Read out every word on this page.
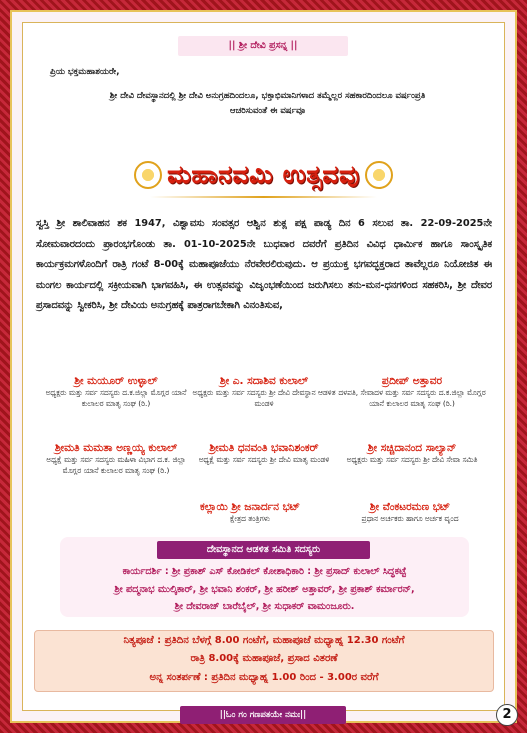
|| ಶ್ರೀ ದೇವಿ ಪ್ರಸನ್ನ ||
ಪ್ರಿಯ ಭಕ್ತಮಹಾಶಯರೇ,
ಶ್ರೀ ದೇವಿ ದೇವಸ್ಥಾನದಲ್ಲಿ ಶ್ರೀ ದೇವಿ ಅನುಗ್ರಹದಿಂದಲೂ, ಭಕ್ತಾಭಿಮಾನಿಗಳಾದ ತಮ್ಮೆಲ್ಲರ ಸಹಕಾರದಿಂದಲೂ ವರ್ಷಂಪ್ರತಿ ಆಚರಿಸುವಂತೆ ಈ ವರ್ಷವೂ
ಮಹಾನವಮಿ ಉತ್ಸವವು
ಸ್ವಸ್ತಿ ಶ್ರೀ ಶಾಲಿವಾಹನ ಶಕ 1947, ವಿಶ್ವಾವಸು ಸಂವತ್ಸರ ಆಶ್ವಿನ ಶುಕ್ಲ ಪಕ್ಷ ಪಾಡ್ಯ ದಿನ 6 ಸಲುವ ತಾ. 22-09-2025ನೇ ಸೋಮವಾರದಂದು ಪ್ರಾರಂಭಗೊಂಡು ತಾ. 01-10-2025ನೇ ಬುಧವಾರ ದವರೆಗೆ ಪ್ರತಿದಿನ ವಿವಿಧ ಧಾರ್ಮಿಕ ಹಾಗೂ ಸಾಂಸ್ಕೃತಿಕ ಕಾರ್ಯಕ್ರಮಗಳೊಂದಿಗೆ ರಾತ್ರಿ ಗಂಟೆ 8-00ಕ್ಕೆ ಮಹಾಪೂಜೆಯು ನೆರವೇರಲಿರುವುದು. ಆ ಪ್ರಯುಕ್ತ ಭಗವದ್ಭಕ್ತರಾದ ತಾವೆಲ್ಲರೂ ನಿಯೋಜಿತ ಈ ಮಂಗಲ ಕಾರ್ಯದಲ್ಲಿ ಸಕ್ರೀಯವಾಗಿ ಭಾಗವಹಿಸಿ, ಈ ಉತ್ಸವವನ್ನು ವಿಜೃಂಭಣೆಯಿಂದ ಜರುಗಿಸಲು ತನು-ಮನ-ಧನಗಳಿಂದ ಸಹಕರಿಸಿ, ಶ್ರೀ ದೇವರ ಪ್ರಸಾದವನ್ನು ಸ್ವೀಕರಿಸಿ, ಶ್ರೀ ದೇವಿಯ ಅನುಗ್ರಹಕ್ಕೆ ಪಾತ್ರರಾಗಬೇಕಾಗಿ ವಿನಂತಿಸುವ,
ಶ್ರೀ ಮಯೂರ್ ಉಳ್ಳಾಲ್
ಅಧ್ಯಕ್ಷರು ಮತ್ತು ಸರ್ವ ಸದಸ್ಯರು ದ.ಕ.ಜಿಲ್ಲಾ ಮೊಗ್ಲರ ಯಾನೆ ಕುಲಾಲರ ಮಾತೃ ಸಂಘ (ರಿ.)
ಶ್ರೀ ಎ. ಸದಾಶಿವ ಕುಲಾಲ್
ಅಧ್ಯಕ್ಷರು ಮತ್ತು ಸರ್ವ ಸದಸ್ಯರು ಶ್ರೀ ದೇವಿ ದೇವಸ್ಥಾನ ಆಡಳಿತ ಮಂಡಳಿ
ಪ್ರದೀಪ್ ಅತ್ತಾವರ
ದಳಪತಿ, ಸೇವಾದಳ ಮತ್ತು ಸರ್ವ ಸದಸ್ಯರು ದ.ಕ.ಜಿಲ್ಲಾ ಮೊಗ್ಲರ ಯಾನೆ ಕುಲಾಲರ ಮಾತೃ ಸಂಘ (ರಿ.)
ಶ್ರೀಮತಿ ಮಮತಾ ಅಣ್ಣಯ್ಯ ಕುಲಾಲ್
ಅಧ್ಯಕ್ಷೆ ಮತ್ತು ಸರ್ವ ಸದಸ್ಯರು ಮಹಿಳಾ ವಿಭಾಗ ದ.ಕ. ಜಿಲ್ಲಾ ಮೊಗ್ಲರ ಯಾನೆ ಕುಲಾಲರ ಮಾತೃ ಸಂಘ (ರಿ.)
ಶ್ರೀಮತಿ ಧನವಂತಿ ಭವಾನಿಶಂಕರ್
ಅಧ್ಯಕ್ಷೆ ಮತ್ತು ಸರ್ವ ಸದಸ್ಯರು ಶ್ರೀ ದೇವಿ ಮಾತೃ ಮಂಡಳಿ
ಶ್ರೀ ಸಚ್ಚಿದಾನಂದ ಸಾಲ್ಯಾನ್
ಅಧ್ಯಕ್ಷರು ಮತ್ತು ಸರ್ವ ಸದಸ್ಯರು ಶ್ರೀ ದೇವಿ ಸೇವಾ ಸಮಿತಿ
ಕಲ್ಲಾಯಿ ಶ್ರೀ ಜನಾರ್ದನ ಭಟ್
ಕ್ಷೇತ್ರದ ತಂತ್ರಿಗಳು
ಶ್ರೀ ವೆಂಕಟರಮಣ ಭಟ್
ಪ್ರಧಾನ ಅರ್ಚಕರು ಹಾಗೂ ಅರ್ಚಕ ವೃಂದ
ದೇವಸ್ಥಾನದ ಆಡಳಿತ ಸಮಿತಿ ಸದಸ್ಯರು
ಕಾರ್ಯದರ್ಶಿ : ಶ್ರೀ ಪ್ರಕಾಶ್ ಎಸ್ ಕೋಡಿಕಲ್ ಕೋಶಾಧಿಕಾರಿ : ಶ್ರೀ ಪ್ರಸಾದ್ ಕುಲಾಲ್ ಸಿದ್ಧಕಟ್ಟೆ
ಶ್ರೀ ಪದ್ಮನಾಭ ಮುಲ್ಕಿಕಾರ್, ಶ್ರೀ ಭವಾನಿ ಶಂಕರ್, ಶ್ರೀ ಹರೀಶ್ ಅತ್ತಾವರ್, ಶ್ರೀ ಪ್ರಕಾಶ್ ಕರ್ಮಾರನ್,
ಶ್ರೀ ದೇವರಾಜ್ ಬಾರೆಬೈಲ್, ಶ್ರೀ ಸುಧಾಕರ್ ವಾಮಂಜೂರು.
ನಿತ್ಯಪೂಜೆ : ಪ್ರತಿದಿನ ಬೆಳಗ್ಗೆ 8.00 ಗಂಟೆಗೆ, ಮಹಾಪೂಜೆ ಮಧ್ಯಾಹ್ನ 12.30 ಗಂಟೆಗೆ
ರಾತ್ರಿ 8.00ಕ್ಕೆ ಮಹಾಪೂಜೆ, ಪ್ರಸಾದ ವಿತರಣೆ
ಅನ್ನ ಸಂತರ್ಪಣೆ : ಪ್ರತಿದಿನ ಮಧ್ಯಾಹ್ನ 1.00 ರಿಂದ - 3.00ರ ವರೆಗೆ
||ಓಂ ಗಂ ಗಣಪತಯೇ ನಮಃ||	2
